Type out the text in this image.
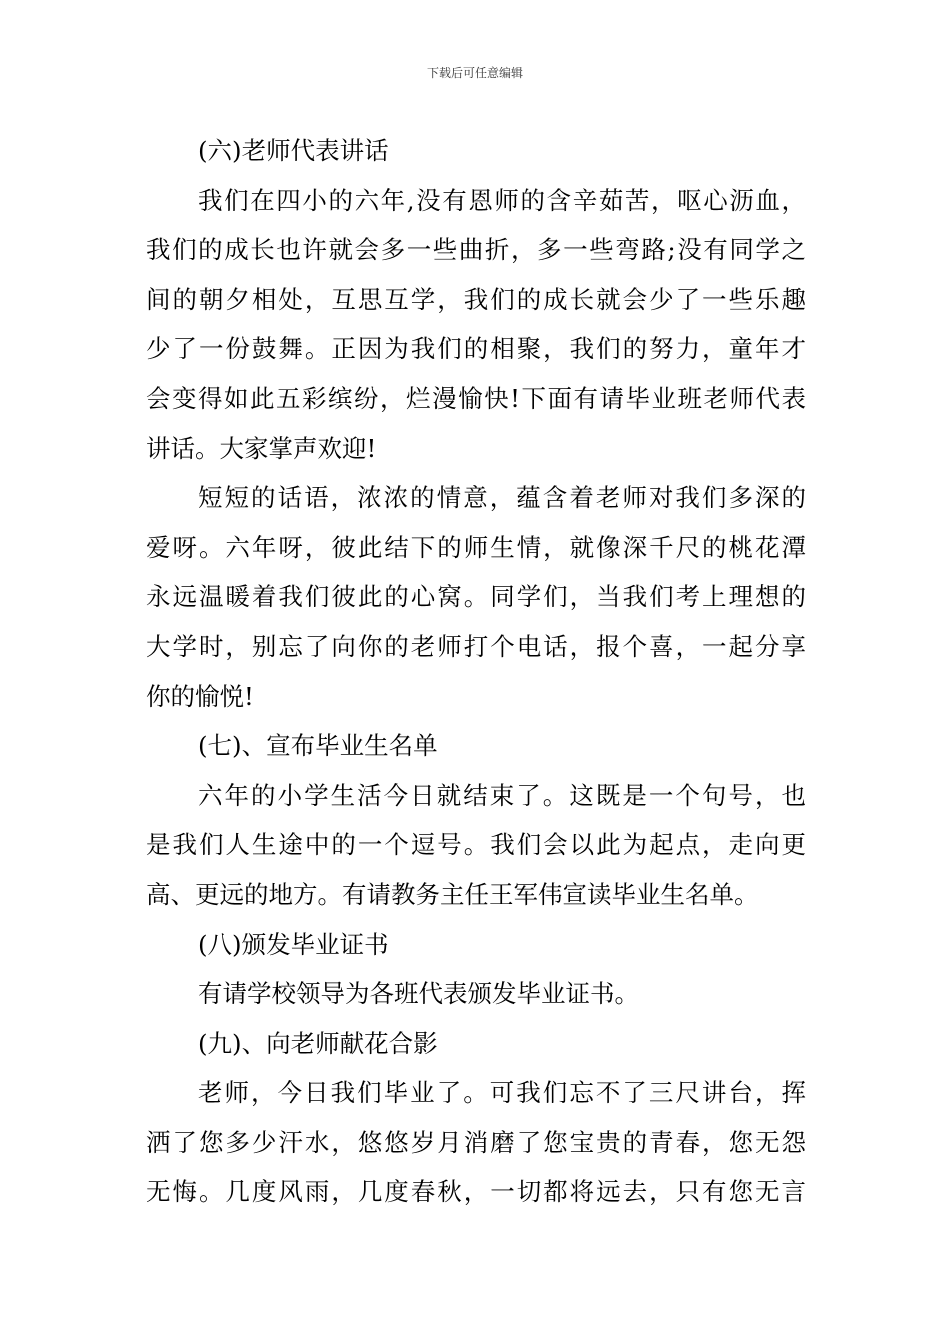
下载后可任意编辑
(六)老师代表讲话
我们在四小的六年,没有恩师的含辛茹苦，呕心沥血，
我们的成长也许就会多一些曲折，多一些弯路;没有同学之
间的朝夕相处，互思互学，我们的成长就会少了一些乐趣
少了一份鼓舞。正因为我们的相聚，我们的努力，童年才
会变得如此五彩缤纷，烂漫愉快!下面有请毕业班老师代表
讲话。大家掌声欢迎!
短短的话语，浓浓的情意，蕴含着老师对我们多深的
爱呀。六年呀，彼此结下的师生情，就像深千尺的桃花潭
永远温暖着我们彼此的心窝。同学们，当我们考上理想的
大学时，别忘了向你的老师打个电话，报个喜，一起分享
你的愉悦!
(七)、宣布毕业生名单
六年的小学生活今日就结束了。这既是一个句号，也
是我们人生途中的一个逗号。我们会以此为起点，走向更
高、更远的地方。有请教务主任王军伟宣读毕业生名单。
(八)颁发毕业证书
有请学校领导为各班代表颁发毕业证书。
(九)、向老师献花合影
老师，今日我们毕业了。可我们忘不了三尺讲台，挥
洒了您多少汗水，悠悠岁月消磨了您宝贵的青春，您无怨
无悔。几度风雨，几度春秋，一切都将远去，只有您无言
